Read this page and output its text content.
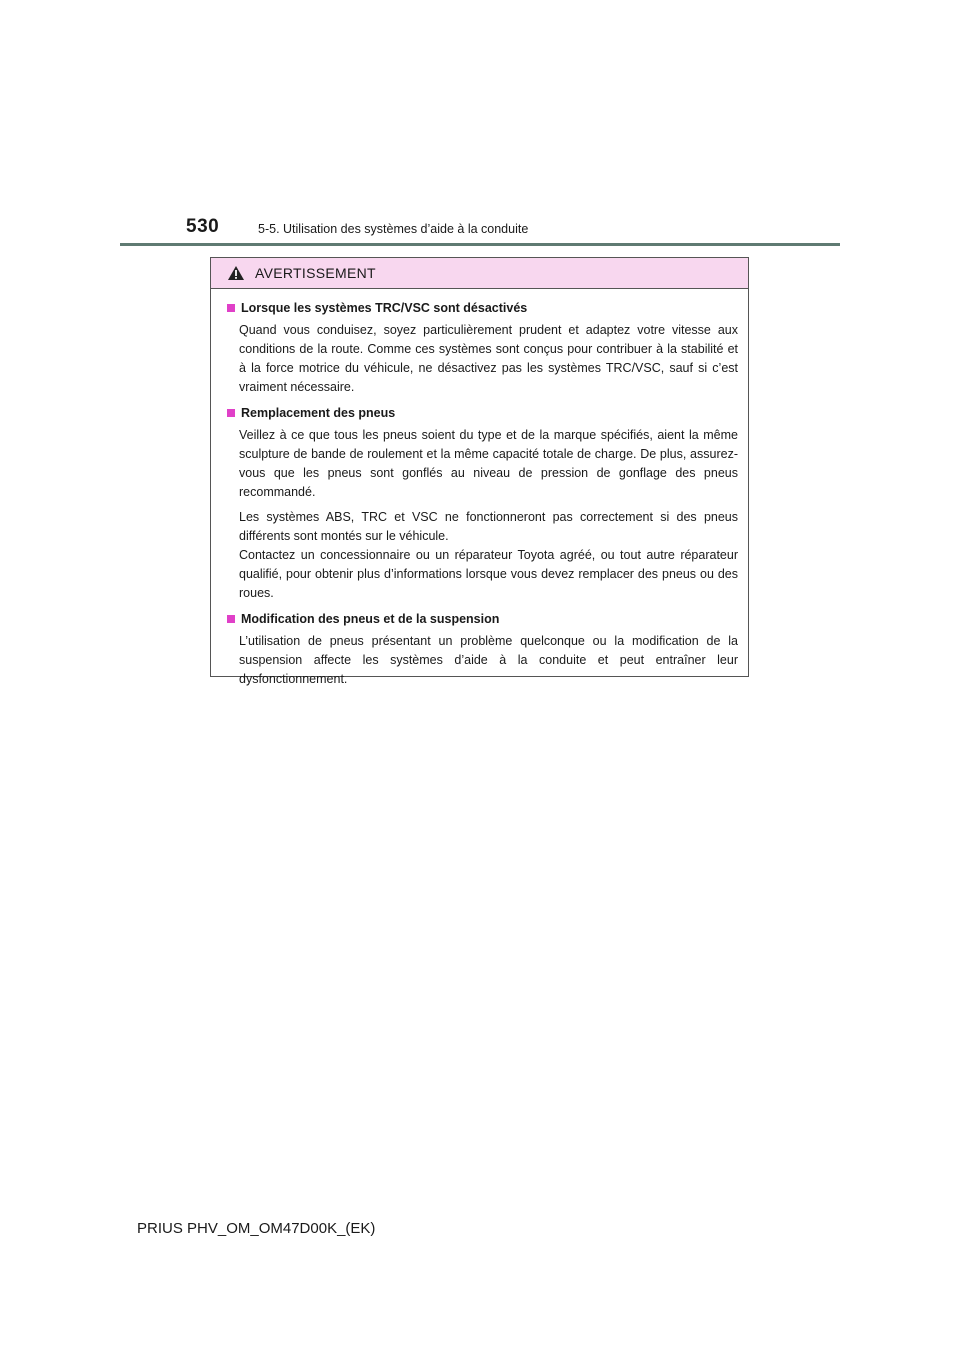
530	5-5. Utilisation des systèmes d’aide à la conduite
AVERTISSEMENT
Lorsque les systèmes TRC/VSC sont désactivés

Quand vous conduisez, soyez particulièrement prudent et adaptez votre vitesse aux conditions de la route. Comme ces systèmes sont conçus pour contribuer à la stabilité et à la force motrice du véhicule, ne désactivez pas les systèmes TRC/VSC, sauf si c’est vraiment nécessaire.

Remplacement des pneus

Veillez à ce que tous les pneus soient du type et de la marque spécifiés, aient la même sculpture de bande de roulement et la même capacité totale de charge. De plus, assurez-vous que les pneus sont gonflés au niveau de pression de gonflage des pneus recommandé.

Les systèmes ABS, TRC et VSC ne fonctionneront pas correctement si des pneus différents sont montés sur le véhicule.

Contactez un concessionnaire ou un réparateur Toyota agréé, ou tout autre réparateur qualifié, pour obtenir plus d’informations lorsque vous devez remplacer des pneus ou des roues.

Modification des pneus et de la suspension

L’utilisation de pneus présentant un problème quelconque ou la modification de la suspension affecte les systèmes d’aide à la conduite et peut entraîner leur dysfonctionnement.

PRIUS PHV_OM_OM47D00K_(EK)
